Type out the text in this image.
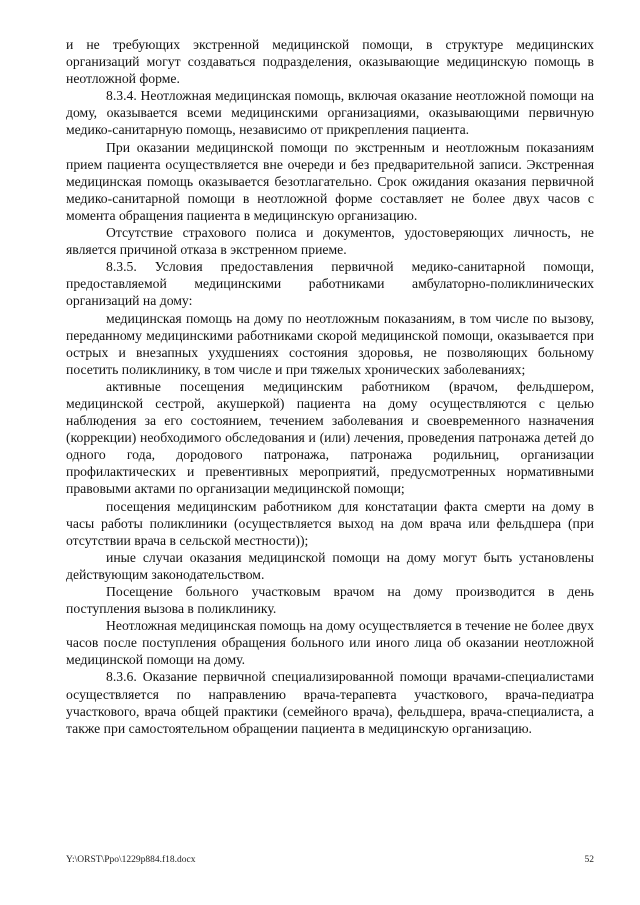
и не требующих экстренной медицинской помощи, в структуре медицинских организаций могут создаваться подразделения, оказывающие медицинскую помощь в неотложной форме.

8.3.4. Неотложная медицинская помощь, включая оказание неотложной помощи на дому, оказывается всеми медицинскими организациями, оказывающими первичную медико-санитарную помощь, независимо от прикрепления пациента.

При оказании медицинской помощи по экстренным и неотложным показаниям прием пациента осуществляется вне очереди и без предварительной записи. Экстренная медицинская помощь оказывается безотлагательно. Срок ожидания оказания первичной медико-санитарной помощи в неотложной форме составляет не более двух часов с момента обращения пациента в медицинскую организацию.

Отсутствие страхового полиса и документов, удостоверяющих личность, не является причиной отказа в экстренном приеме.

8.3.5. Условия предоставления первичной медико-санитарной помощи, предоставляемой медицинскими работниками амбулаторно-поликлинических организаций на дому:

медицинская помощь на дому по неотложным показаниям, в том числе по вызову, переданному медицинскими работниками скорой медицинской помощи, оказывается при острых и внезапных ухудшениях состояния здоровья, не позволяющих больному посетить поликлинику, в том числе и при тяжелых хронических заболеваниях;

активные посещения медицинским работником (врачом, фельдшером, медицинской сестрой, акушеркой) пациента на дому осуществляются с целью наблюдения за его состоянием, течением заболевания и своевременного назначения (коррекции) необходимого обследования и (или) лечения, проведения патронажа детей до одного года, дородового патронажа, патронажа родильниц, организации профилактических и превентивных мероприятий, предусмотренных нормативными правовыми актами по организации медицинской помощи;

посещения медицинским работником для констатации факта смерти на дому в часы работы поликлиники (осуществляется выход на дом врача или фельдшера (при отсутствии врача в сельской местности));

иные случаи оказания медицинской помощи на дому могут быть установлены действующим законодательством.

Посещение больного участковым врачом на дому производится в день поступления вызова в поликлинику.

Неотложная медицинская помощь на дому осуществляется в течение не более двух часов после поступления обращения больного или иного лица об оказании неотложной медицинской помощи на дому.

8.3.6. Оказание первичной специализированной помощи врачами-специалистами осуществляется по направлению врача-терапевта участкового, врача-педиатра участкового, врача общей практики (семейного врача), фельдшера, врача-специалиста, а также при самостоятельном обращении пациента в медицинскую организацию.

Y:\ORST\Ppo\1229p884.f18.docx	52
